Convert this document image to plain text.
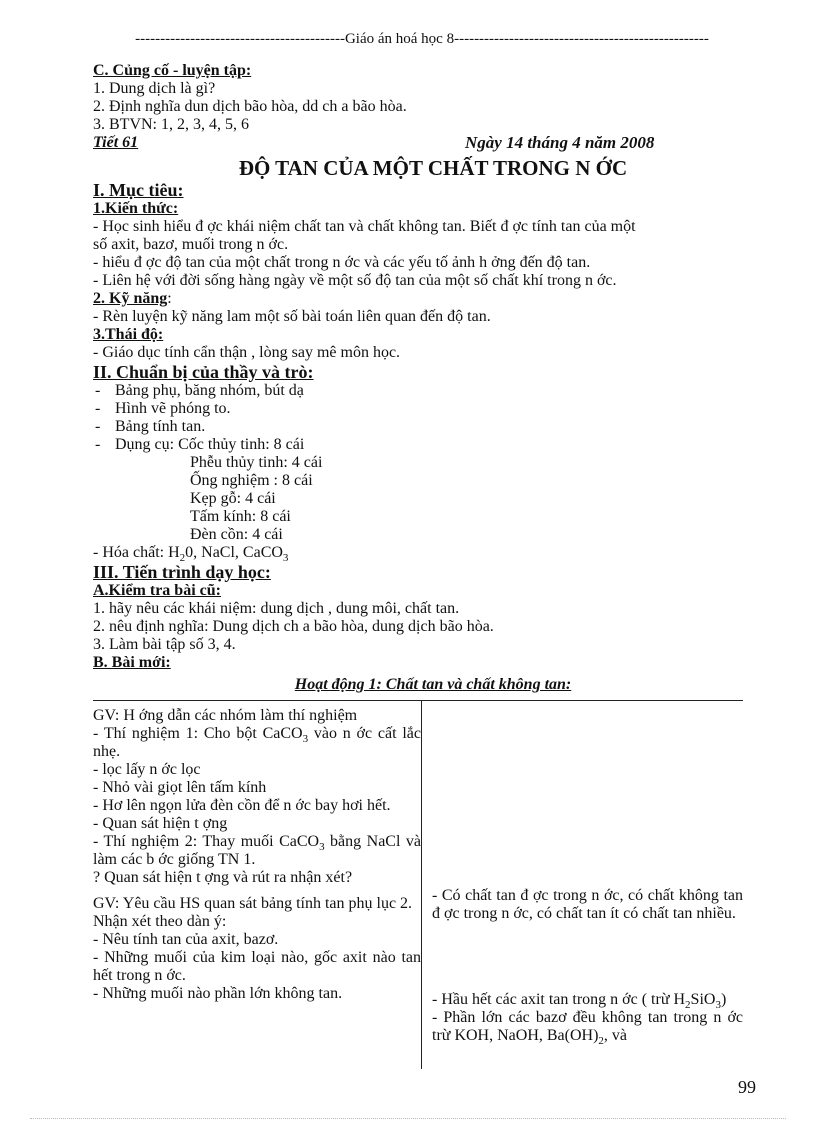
------------------------------------------Giáo án hoá học 8---------------------------------------------------
C. Củng cố - luyện tập:
1. Dung dịch là gì?
2. Định nghĩa dun dịch bão hòa, dd ch a bão hòa.
3. BTVN: 1, 2, 3, 4, 5, 6
Tiết 61	Ngày 14 tháng 4 năm 2008
ĐỘ TAN CỦA MỘT CHẤT TRONG N ỚC
I. Mục tiêu:
1.Kiến thức:
- Học sinh hiểu đ ợc khái niệm chất tan và chất không tan. Biết đ ợc tính tan của một
số axit, bazơ, muối trong n ớc.
- hiểu đ ợc độ tan của một chất trong n ớc và các yếu tố ảnh h ởng đến độ tan.
- Liên hệ với đời sống hàng ngày về một số độ tan của một số chất khí trong n ớc.
2. Kỹ năng:
- Rèn luyện kỹ năng lam một số bài toán liên quan đến độ tan.
3.Thái độ:
- Giáo dục tính cẩn thận , lòng say mê môn học.
II. Chuẩn bị của thầy và trò:
- Bảng phụ, băng nhóm, bút dạ
- Hình vẽ phóng to.
- Bảng tính tan.
- Dụng cụ: Cốc thủy tinh: 8 cái
Phễu thủy tinh: 4 cái
Ống nghiệm : 8 cái
Kẹp gỗ: 4 cái
Tấm kính: 8 cái
Đèn cồn: 4 cái
- Hóa chất: $H_20$, NaCl, CaCO$_3$
III. Tiến trình dạy học:
A.Kiểm tra bài cũ:
1. hãy nêu các khái niệm: dung dịch , dung môi, chất tan.
2. nêu định nghĩa: Dung dịch ch a bão hòa, dung dịch bão hòa.
3. Làm bài tập số 3, 4.
B. Bài mới:
Hoạt động 1: Chất tan và chất không tan:
GV: H ớng dẫn các nhóm làm thí nghiệm
- Thí nghiệm 1: Cho bột CaCO$_3$ vào n ớc cất lắc nhẹ.
- lọc lấy n ớc lọc
- Nhỏ vài giọt lên tấm kính
- Hơ lên ngọn lửa đèn cồn để n ớc bay hơi hết.
- Quan sát hiện t ợng
- Thí nghiệm 2: Thay muối CaCO$_3$ bằng NaCl và làm các b ớc giống TN 1.
? Quan sát hiện t ợng và rút ra nhận xét?
GV: Yêu cầu HS quan sát bảng tính tan phụ lục 2.
Nhận xét theo dàn ý:
- Nêu tính tan của axit, bazơ.
- Những muối của kim loại nào, gốc axit nào tan hết trong n ớc.
- Những muối nào phần lớn không tan.
- Có chất tan đ ợc trong n ớc, có chất không tan đ ợc trong n ớc, có chất tan ít có chất tan nhiều.
- Hầu hết các axit tan trong n ớc ( trừ $H_2SiO_3$)
- Phần lớn các bazơ đều không tan trong n ớc trừ KOH, NaOH, $Ba(OH)_2$, và
99
